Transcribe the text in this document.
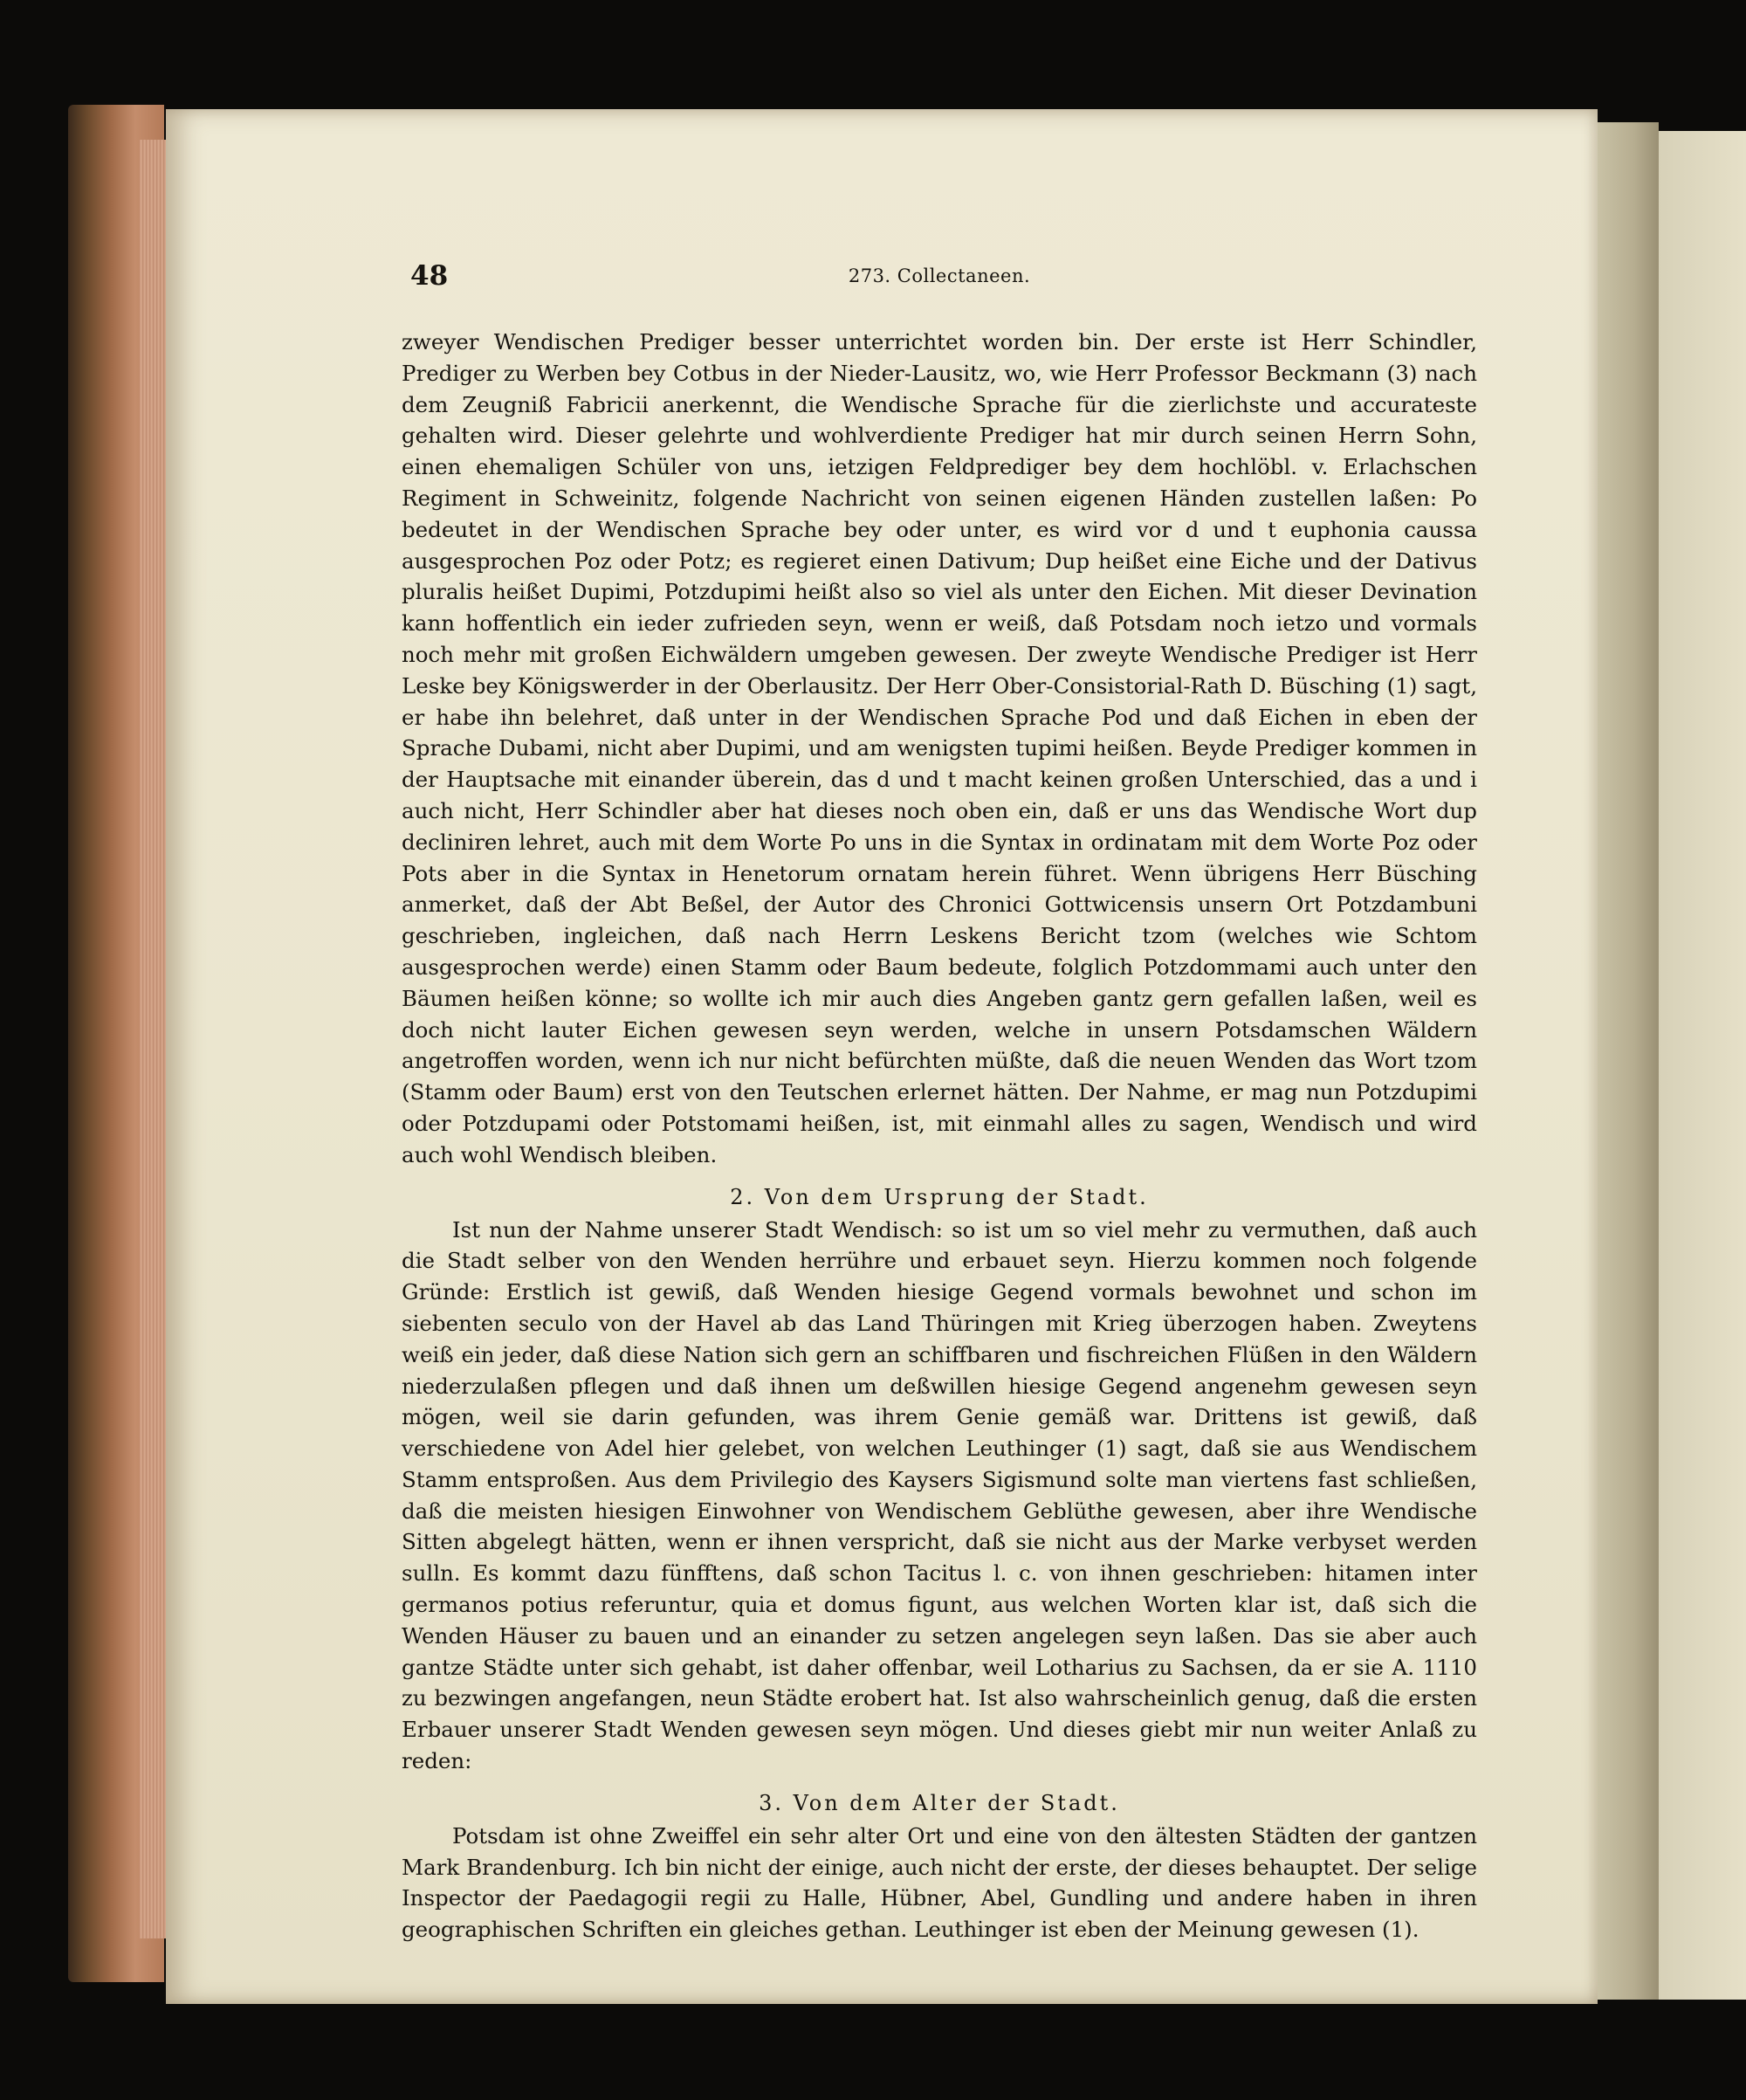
48	273. Collectaneen.

zweyer Wendischen Prediger besser unterrichtet worden bin. Der erste ist Herr Schindler, Prediger zu Werben bey Cotbus in der Nieder-Lausitz, wo, wie Herr Professor Beckmann (3) nach dem Zeugniß Fabricii anerkennt, die Wendische Sprache für die zierlichste und accurateste gehalten wird. Dieser gelehrte und wohlverdiente Prediger hat mir durch seinen Herrn Sohn, einen ehemaligen Schüler von uns, ietzigen Feldprediger bey dem hochlöbl. v. Erlachschen Regiment in Schweinitz, folgende Nachricht von seinen eigenen Händen zustellen laßen: Po bedeutet in der Wendischen Sprache bey oder unter, es wird vor d und t euphonia caussa ausgesprochen Poz oder Potz; es regieret einen Dativum; Dup heißet eine Eiche und der Dativus pluralis heißet Dupimi, Potzdupimi heißt also so viel als unter den Eichen. Mit dieser Devination kann hoffentlich ein ieder zufrieden seyn, wenn er weiß, daß Potsdam noch ietzo und vormals noch mehr mit großen Eichwäldern umgeben gewesen. Der zweyte Wendische Prediger ist Herr Leske bey Königswerder in der Oberlausitz. Der Herr Ober-Consistorial-Rath D. Büsching (1) sagt, er habe ihn belehret, daß unter in der Wendischen Sprache Pod und daß Eichen in eben der Sprache Dubami, nicht aber Dupimi, und am wenigsten tupimi heißen. Beyde Prediger kommen in der Hauptsache mit einander überein, das d und t macht keinen großen Unterschied, das a und i auch nicht, Herr Schindler aber hat dieses noch oben ein, daß er uns das Wendische Wort dup decliniren lehret, auch mit dem Worte Po uns in die Syntax in ordinatam mit dem Worte Poz oder Pots aber in die Syntax in Henetorum ornatam herein führet. Wenn übrigens Herr Büsching anmerket, daß der Abt Beßel, der Autor des Chronici Gottwicensis unsern Ort Potzdambuni geschrieben, ingleichen, daß nach Herrn Leskens Bericht tzom (welches wie Schtom ausgesprochen werde) einen Stamm oder Baum bedeute, folglich Potzdommami auch unter den Bäumen heißen könne; so wollte ich mir auch dies Angeben gantz gern gefallen laßen, weil es doch nicht lauter Eichen gewesen seyn werden, welche in unsern Potsdamschen Wäldern angetroffen worden, wenn ich nur nicht befürchten müßte, daß die neuen Wenden das Wort tzom (Stamm oder Baum) erst von den Teutschen erlernet hätten. Der Nahme, er mag nun Potzdupimi oder Potzdupami oder Potstomami heißen, ist, mit einmahl alles zu sagen, Wendisch und wird auch wohl Wendisch bleiben.

2. Von dem Ursprung der Stadt.

Ist nun der Nahme unserer Stadt Wendisch: so ist um so viel mehr zu vermuthen, daß auch die Stadt selber von den Wenden herrühre und erbauet seyn. Hierzu kommen noch folgende Gründe: Erstlich ist gewiß, daß Wenden hiesige Gegend vormals bewohnet und schon im siebenten seculo von der Havel ab das Land Thüringen mit Krieg überzogen haben. Zweytens weiß ein jeder, daß diese Nation sich gern an schiffbaren und fischreichen Flüßen in den Wäldern niederzulaßen pflegen und daß ihnen um deßwillen hiesige Gegend angenehm gewesen seyn mögen, weil sie darin gefunden, was ihrem Genie gemäß war. Drittens ist gewiß, daß verschiedene von Adel hier gelebet, von welchen Leuthinger (1) sagt, daß sie aus Wendischem Stamm entsproßen. Aus dem Privilegio des Kaysers Sigismund solte man viertens fast schließen, daß die meisten hiesigen Einwohner von Wendischem Geblüthe gewesen, aber ihre Wendische Sitten abgelegt hätten, wenn er ihnen verspricht, daß sie nicht aus der Marke verbyset werden sulln. Es kommt dazu fünfftens, daß schon Tacitus l. c. von ihnen geschrieben: hitamen inter germanos potius referuntur, quia et domus figunt, aus welchen Worten klar ist, daß sich die Wenden Häuser zu bauen und an einander zu setzen angelegen seyn laßen. Das sie aber auch gantze Städte unter sich gehabt, ist daher offenbar, weil Lotharius zu Sachsen, da er sie A. 1110 zu bezwingen angefangen, neun Städte erobert hat. Ist also wahrscheinlich genug, daß die ersten Erbauer unserer Stadt Wenden gewesen seyn mögen. Und dieses giebt mir nun weiter Anlaß zu reden:

3. Von dem Alter der Stadt.

Potsdam ist ohne Zweiffel ein sehr alter Ort und eine von den ältesten Städten der gantzen Mark Brandenburg. Ich bin nicht der einige, auch nicht der erste, der dieses behauptet. Der selige Inspector der Paedagogii regii zu Halle, Hübner, Abel, Gundling und andere haben in ihren geographischen Schriften ein gleiches gethan. Leuthinger ist eben der Meinung gewesen (1).
